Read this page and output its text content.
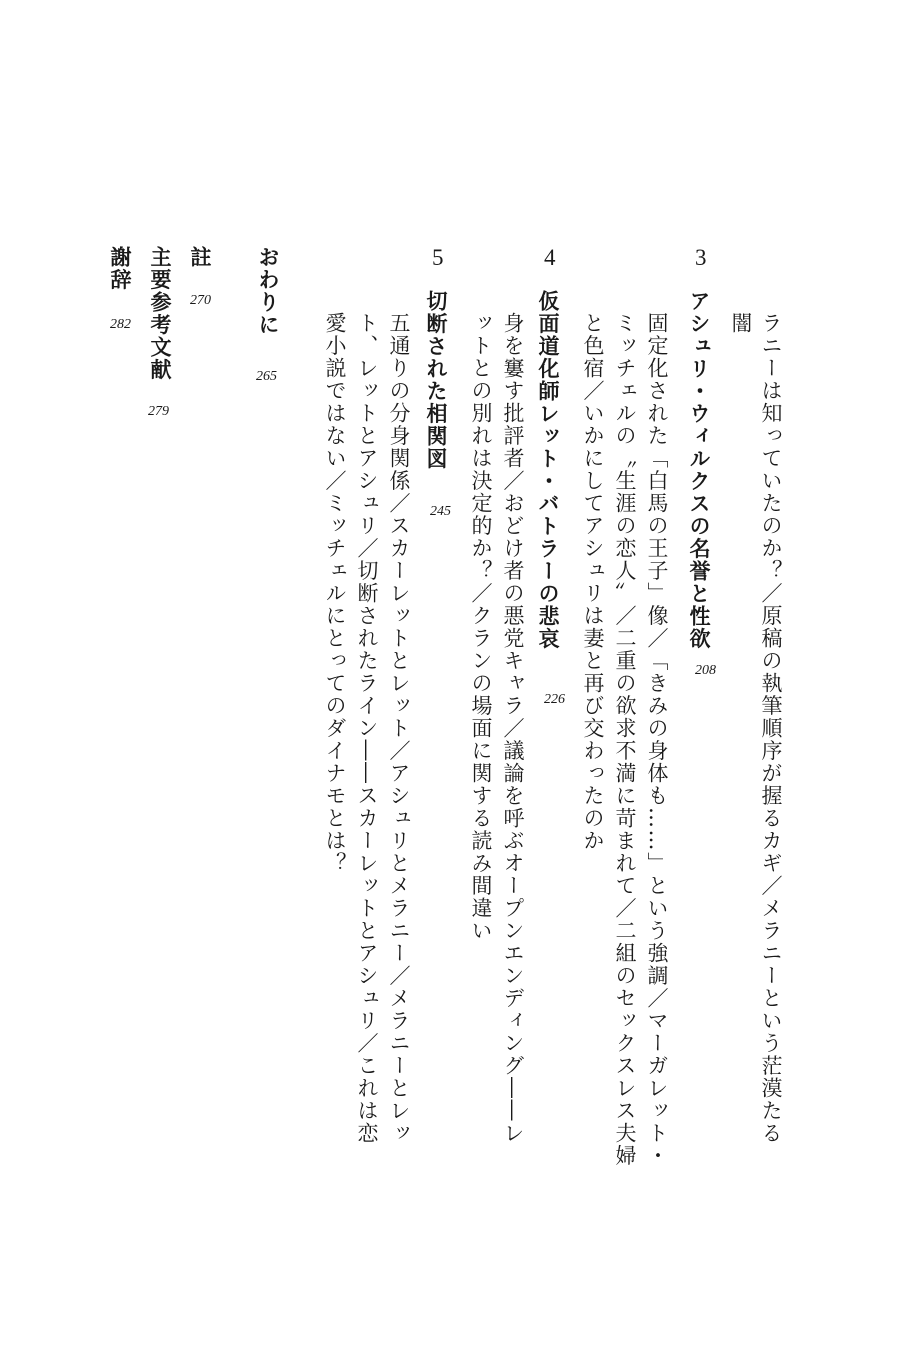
ラニーは知っていたのか？／原稿の執筆順序が握るカギ／メラニーという茫漠たる
闇
3
アシュリ・ウィルクスの名誉と性欲
208
固定化された「白馬の王子」像／「きみの身体も……」という強調／マーガレット・
ミッチェルの〝生涯の恋人〟／二重の欲求不満に苛まれて／二組のセックスレス夫婦
と色宿／いかにしてアシュリは妻と再び交わったのか
4
仮面道化師レット・バトラーの悲哀
226
身を窶す批評者／おどけ者の悪党キャラ／議論を呼ぶオープンエンディング――レ
ットとの別れは決定的か？／クランの場面に関する読み間違い
5
切断された相関図
245
五通りの分身関係／スカーレットとレット／アシュリとメラニー／メラニーとレッ
ト、レットとアシュリ／切断されたライン――スカーレットとアシュリ／これは恋
愛小説ではない／ミッチェルにとってのダイナモとは？
おわりに
265
註
270
主要参考文献
279
謝辞
282
